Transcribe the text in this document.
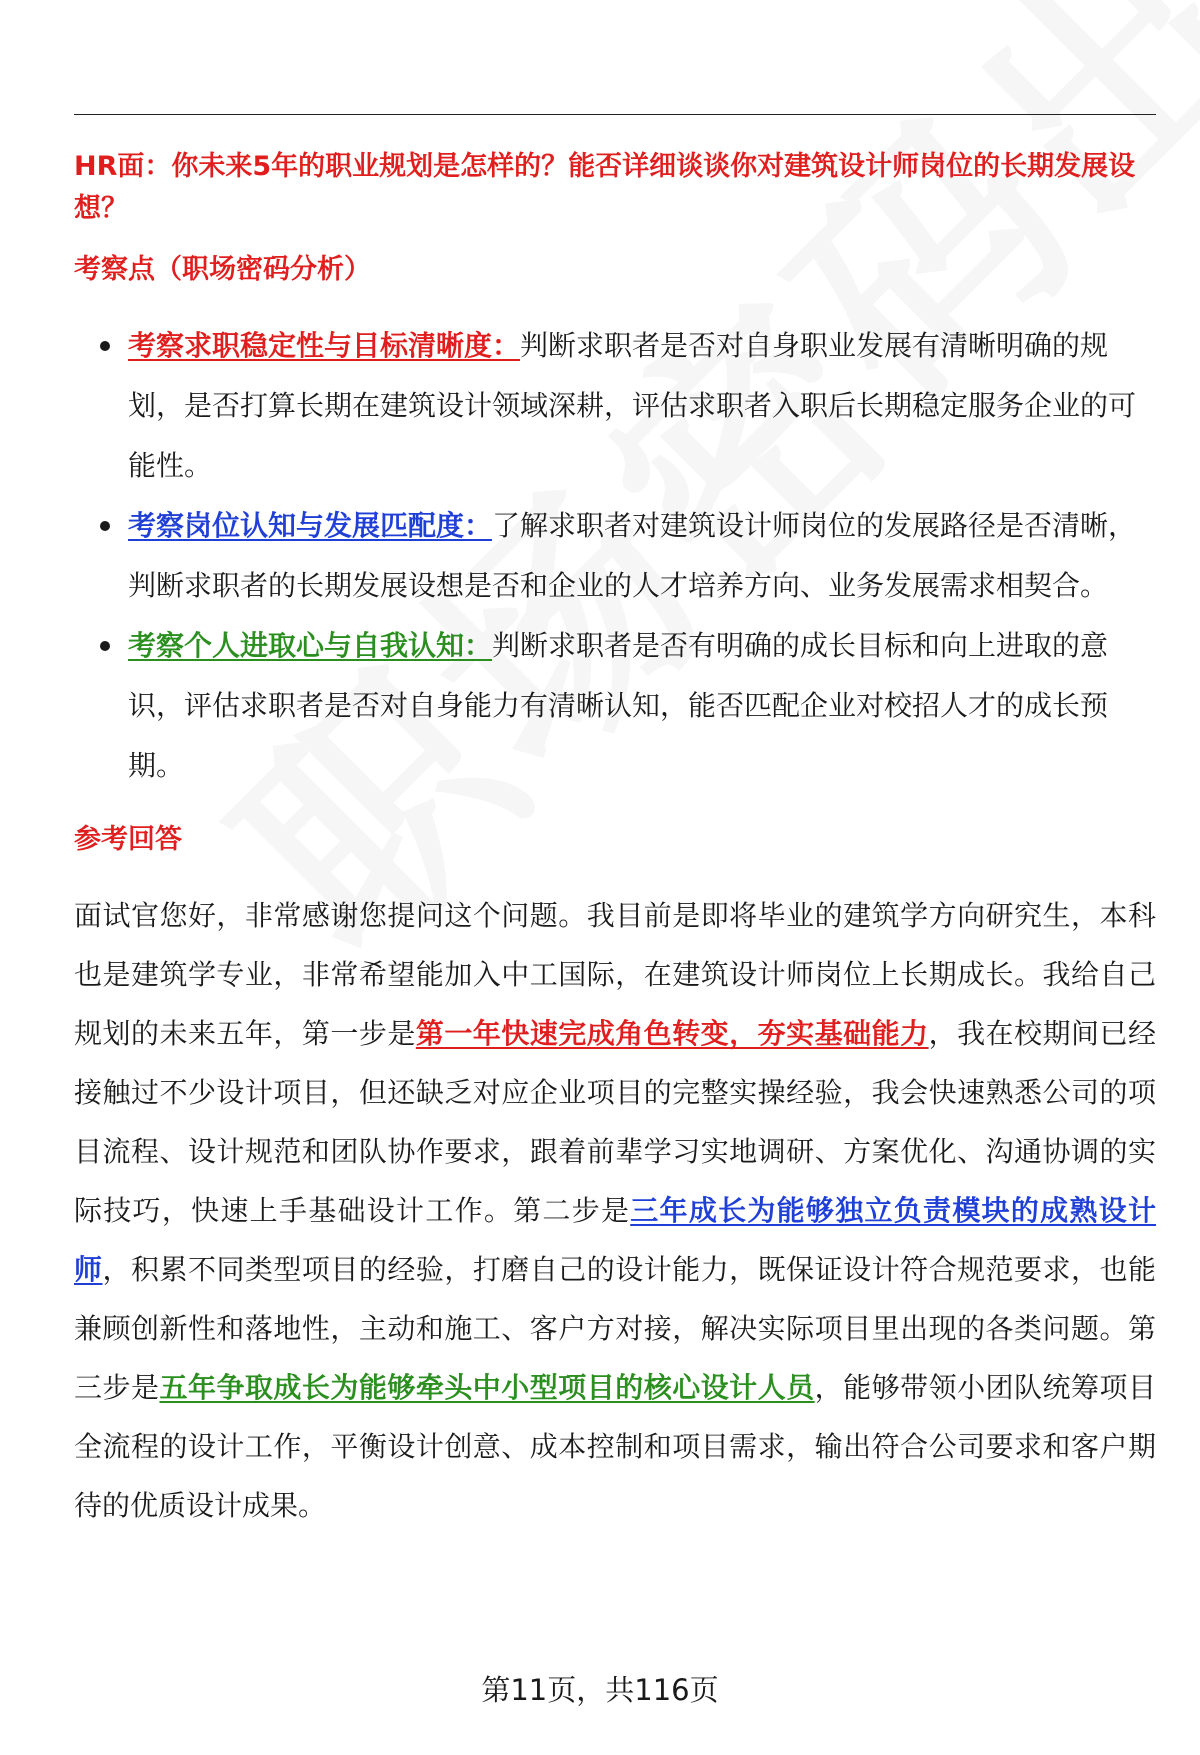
HR面：你未来5年的职业规划是怎样的？能否详细谈谈你对建筑设计师岗位的长期发展设想？

考察点（职场密码分析）

考察求职稳定性与目标清晰度：判断求职者是否对自身职业发展有清晰明确的规划，是否打算长期在建筑设计领域深耕，评估求职者入职后长期稳定服务企业的可能性。
考察岗位认知与发展匹配度：了解求职者对建筑设计师岗位的发展路径是否清晰，判断求职者的长期发展设想是否和企业的人才培养方向、业务发展需求相契合。
考察个人进取心与自我认知：判断求职者是否有明确的成长目标和向上进取的意识，评估求职者是否对自身能力有清晰认知，能否匹配企业对校招人才的成长预期。

参考回答

面试官您好，非常感谢您提问这个问题。我目前是即将毕业的建筑学方向研究生，本科也是建筑学专业，非常希望能加入中工国际，在建筑设计师岗位上长期成长。我给自己规划的未来五年，第一步是第一年快速完成角色转变，夯实基础能力，我在校期间已经接触过不少设计项目，但还缺乏对应企业项目的完整实操经验，我会快速熟悉公司的项目流程、设计规范和团队协作要求，跟着前辈学习实地调研、方案优化、沟通协调的实际技巧，快速上手基础设计工作。第二步是三年成长为能够独立负责模块的成熟设计师，积累不同类型项目的经验，打磨自己的设计能力，既保证设计符合规范要求，也能兼顾创新性和落地性，主动和施工、客户方对接，解决实际项目里出现的各类问题。第三步是五年争取成长为能够牵头中小型项目的核心设计人员，能够带领小团队统筹项目全流程的设计工作，平衡设计创意、成本控制和项目需求，输出符合公司要求和客户期待的优质设计成果。

第11页，共116页
